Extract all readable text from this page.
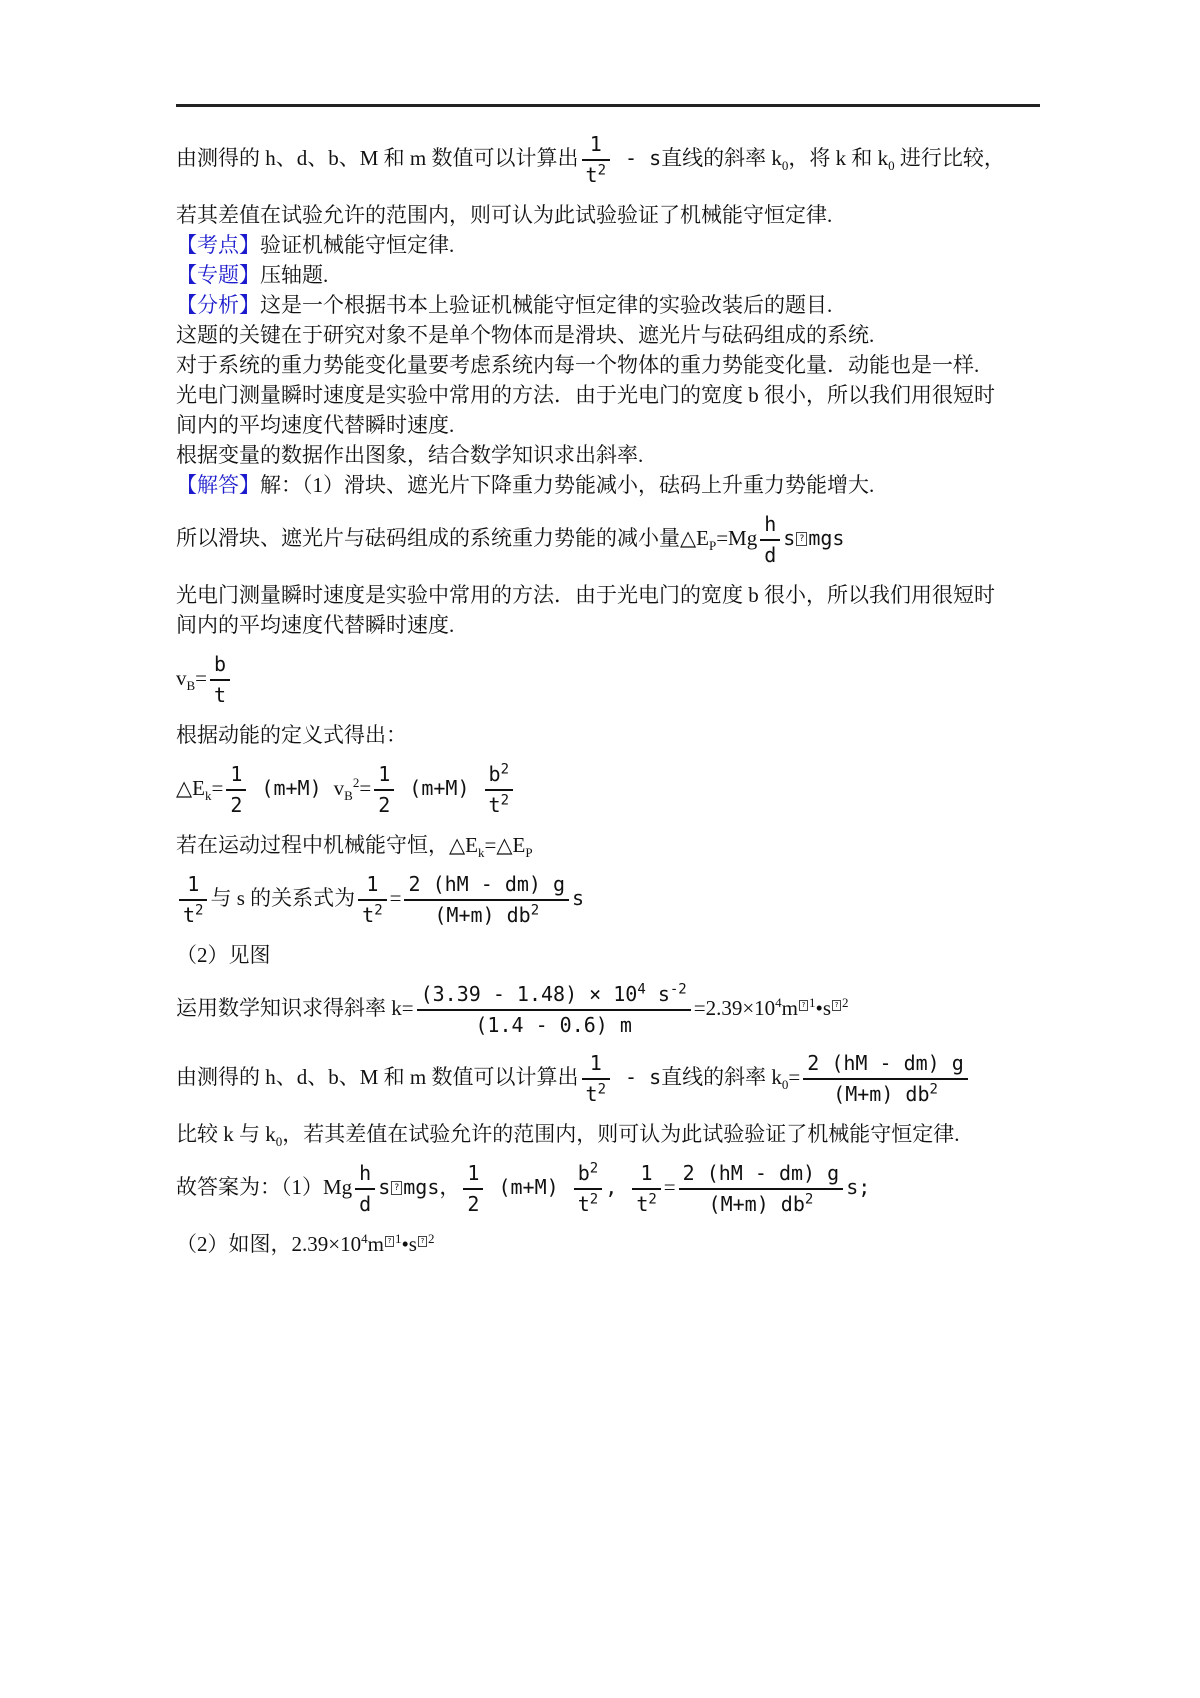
由测得的 h、d、b、M 和 m 数值可以计算出 $\frac{1}{t^2}$ - s直线的斜率 $k_0$，将 k 和 $k_0$ 进行比较，
若其差值在试验允许的范围内，则可认为此试验验证了机械能守恒定律.
【考点】验证机械能守恒定律.
【专题】压轴题.
【分析】这是一个根据书本上验证机械能守恒定律的实验改装后的题目.
这题的关键在于研究对象不是单个物体而是滑块、遮光片与砝码组成的系统.
对于系统的重力势能变化量要考虑系统内每一个物体的重力势能变化量．动能也是一样.
光电门测量瞬时速度是实验中常用的方法．由于光电门的宽度 b 很小，所以我们用很短时
间内的平均速度代替瞬时速度.
根据变量的数据作出图象，结合数学知识求出斜率.
【解答】解：（1）滑块、遮光片下降重力势能减小，砝码上升重力势能增大.
所以滑块、遮光片与砝码组成的系统重力势能的减小量$\triangle E_P=Mg \frac{h}{d}$ s ? mgs
光电门测量瞬时速度是实验中常用的方法．由于光电门的宽度 b 很小，所以我们用很短时
间内的平均速度代替瞬时速度.
$v_B= \frac{b}{t}$
根据动能的定义式得出：
$\triangle E_k= \frac{1}{2} (m+M)$ $v_B^2= \frac{1}{2} (m+M) \frac{b^2}{t^2}$
若在运动过程中机械能守恒，$\triangle E_k=\triangle E_P$
$\frac{1}{t^2}$ 与 s 的关系式为 $\frac{1}{t^2} = \frac{2 (hM - dm) g}{(M+m) db^2}$ s
（2）见图
运用数学知识求得斜率 $k= \frac{(3.39 - 1.48) \times 10^4 s^{-2}}{(1.4 - 0.6) m} =2.39\times 10^4m$ $^{? 1}$•s $^{? 2}$
由测得的 h、d、b、M 和 m 数值可以计算出 $\frac{1}{t^2}$ - s直线的斜率 $k_0= \frac{2 (hM - dm) g}{(M+m) db^2}$
比较 k 与 $k_0$，若其差值在试验允许的范围内，则可认为此试验验证了机械能守恒定律.
故答案为：$(1)Mg \frac{h}{d}$ s ? mgs， $\frac{1}{2} (m+M) \frac{b^2}{t^2}$ , $\frac{1}{t^2} = \frac{2 (hM - dm) g}{(M+m) db^2} s$;
（2）如图，$2.39\times 10^4m$ $^{? 1}$•s $^{? 2}$
